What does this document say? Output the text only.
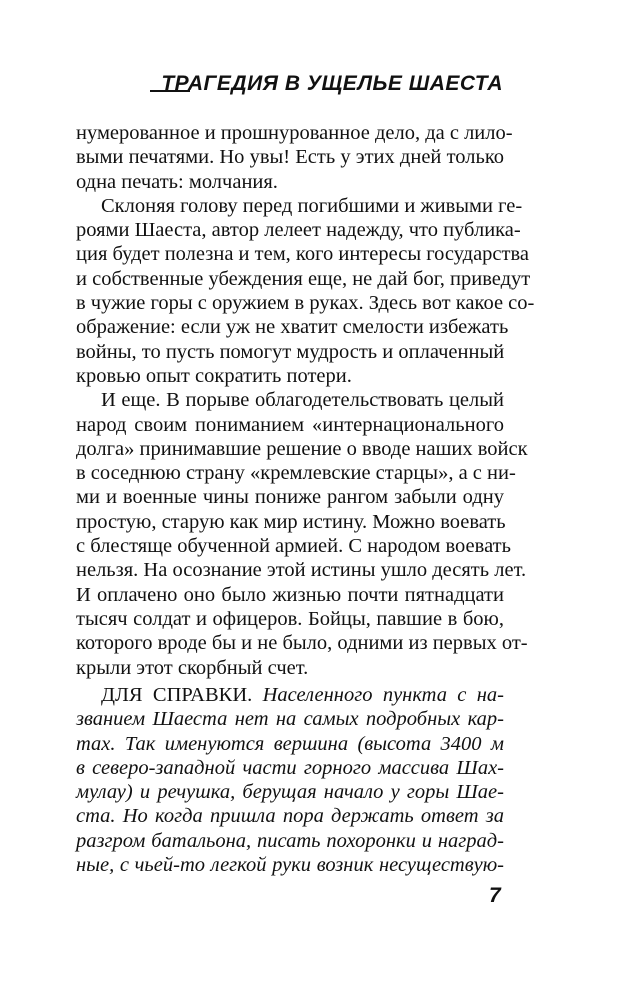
ТРАГЕДИЯ В УЩЕЛЬЕ ШАЕСТА
нумерованное и прошнурованное дело, да с лило-
выми печатями. Но увы! Есть у этих дней только
одна печать: молчания.
Склоняя голову перед погибшими и живыми ге-
роями Шаеста, автор лелеет надежду, что публика-
ция будет полезна и тем, кого интересы государства
и собственные убеждения еще, не дай бог, приведут
в чужие горы с оружием в руках. Здесь вот какое со-
ображение: если уж не хватит смелости избежать
войны, то пусть помогут мудрость и оплаченный
кровью опыт сократить потери.
И еще. В порыве облагодетельствовать целый
народ своим пониманием «интернационального
долга» принимавшие решение о вводе наших войск
в соседнюю страну «кремлевские старцы», а с ни-
ми и военные чины пониже рангом забыли одну
простую, старую как мир истину. Можно воевать
с блестяще обученной армией. С народом воевать
нельзя. На осознание этой истины ушло десять лет.
И оплачено оно было жизнью почти пятнадцати
тысяч солдат и офицеров. Бойцы, павшие в бою,
которого вроде бы и не было, одними из первых от-
крыли этот скорбный счет.
ДЛЯ СПРАВКИ. Населенного пункта с на-
званием Шаеста нет на самых подробных кар-
тах. Так именуются вершина (высота 3400 м
в северо-западной части горного массива Шах-
мулау) и речушка, берущая начало у горы Шае-
ста. Но когда пришла пора держать ответ за
разгром батальона, писать похоронки и наград-
ные, с чьей-то легкой руки возник несуществую-
7
